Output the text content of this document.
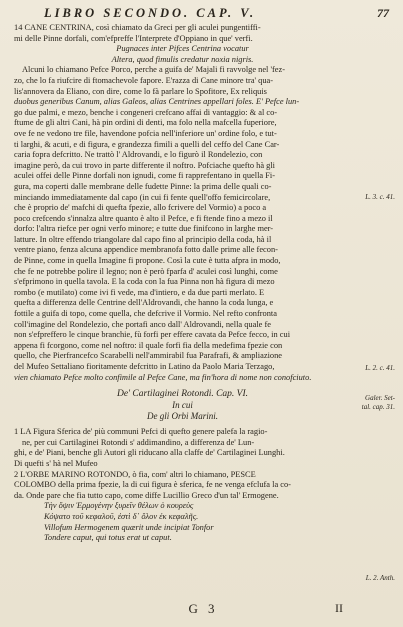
LIBRO SECONDO. CAP. V.	77
14 CANE CENTRINA, così chiamato da Greci per gli aculei pungentiffi-
mi delle Pinne dorfali, com'efpreffe l'Interprete d'Oppiano in que' verfi.
Pugnaces inter Pifces Centrina vocatur
Altera, quod fimulis credatur noxia nigris.
Alcuni lo chiamano Pefce Porco, perche a guifa de' Majali fi ravvolge nel 'fez-
zo, che lo fa riufcire di ftomachevole fapore. E'razza di Cane minore tra' qua-
lis'annovera da Eliano, con dire, come lo fà parlare lo Spofitore, Ex reliquis
duobus generibus Canum, alias Galeos, alias Centrines appellari foles. E' Pefce lun-
go due palmi, e mezo, benche i congeneri crefcano affai di vantaggio: & al co-
ftume de gli altri Cani, hà pin ordini di denti, ma folo nella mafcella fuperiore,
ove fe ne vedono tre file, havendone pofcia nell'inferiore un' ordine folo, e tut-
ti larghi, & acuti, e di figura, e grandezza fimili a quelli del ceffo del Cane Car-
caria fopra defcritto. Ne trattò l' Aldrovandi, e lo figurò il Rondelezio, con
imagine però, da cui trovo in parte differente il noftro. Pofciache quefto hà gli
aculei offei delle Pinne dorfali non ignudi, come fi rapprefentano in quella Fi-
gura, ma coperti dalle membrane delle fudette Pinne: la prima delle quali co-
minciando immediatamente dal capo (in cui fi fente quell'offo femicircolare,
che è proprio de' mafchi di quefta fpezie, allo fcrivere del Vormio) a poco a
poco crefcendo s'innalza altre quanto è alto il Pefce, e fi ftende fino a mezo il
dorfo: l'altra riefce per ogni verfo minore; e tutte due finifcono in larghe mer-
latture. In oltre effendo triangolare dal capo fino al principio della coda, hà il
ventre piano, fenza alcuna appendice membranofa fotto dalle prime alle fecon-
de Pinne, come in quella Imagine fi propone. Così la cute è tutta afpra in modo,
che fe ne potrebbe polire il legno; non è però fparfa d' aculei così lunghi, come
s'efprimono in quella tavola. E la coda con la fua Pinna non hà figura di mezo
rombo (e mutilato) come ivi fi vede, ma d'intiero, e da due parti merlato. E
quefta a differenza delle Centrine dell'Aldrovandi, che hanno la coda lunga, e
fottile a guifa di topo, come quella, che defcrive il Vormio. Nel refto confronta
coll'imagine del Rondelezio, che portafi anco dall' Aldrovandi, nella quale fe
non s'efpreffero le cinque branchie, fù forfi per effere cavata da Pefce fecco, in cui
appena fi fcorgono, come nel noftro: il quale forfi fia della medefima fpezie con
quello, che Pierfrancefco Scarabelli nell'ammirabil fua Parafrafi, & ampliazione
del Mufeo Settaliano fioritamente defcritto in Latino da Paolo Maria Terzago,
vien chiamato Pefce molto confimile al Pefce Cane, ma fin'hora di nome non conofciuto.
L. 3. c. 41.
L. 2. c. 41.
Galer. Set-
tal. cap. 31.
De' Cartilaginei Rotondi. Cap. VI.
In cui
De gli Orbi Marini.
1 LA Figura Sferica de' più communi Pefci di quefto genere palefa la ragio-
ne, per cui Cartilaginei Rotondi s' addimandino, a differenza de' Lun-
ghi, e de' Piani, benche gli Autori gli riducano alla claffe de' Cartilaginei Lunghi.
Di quefti s' hà nel Mufeo
2 L'ORBE MARINO ROTONDO, ò fia, com' altri lo chiamano, PESCE
COLOMBO della prima fpezie, la di cui figura è sferica, fe ne venga efclufa la co-
da. Onde pare che fia tutto capo, come diffe Lucillio Greco d'un tal' Ermogene.
Τὴν ὄψιν Ἑρμογένην ξυρεῖν θέλων ὁ κουρεὺς
Κόψατο τοῦ κεφαλοῦ, ἐστὶ δ᾽ ὅλον ἐκ κεφαλῆς.
Villofum Hermogenem quærit unde incipiat Tonfor
Tondere caput, qui totus erat ut caput.
L. 2. Anth.
G 3	II
